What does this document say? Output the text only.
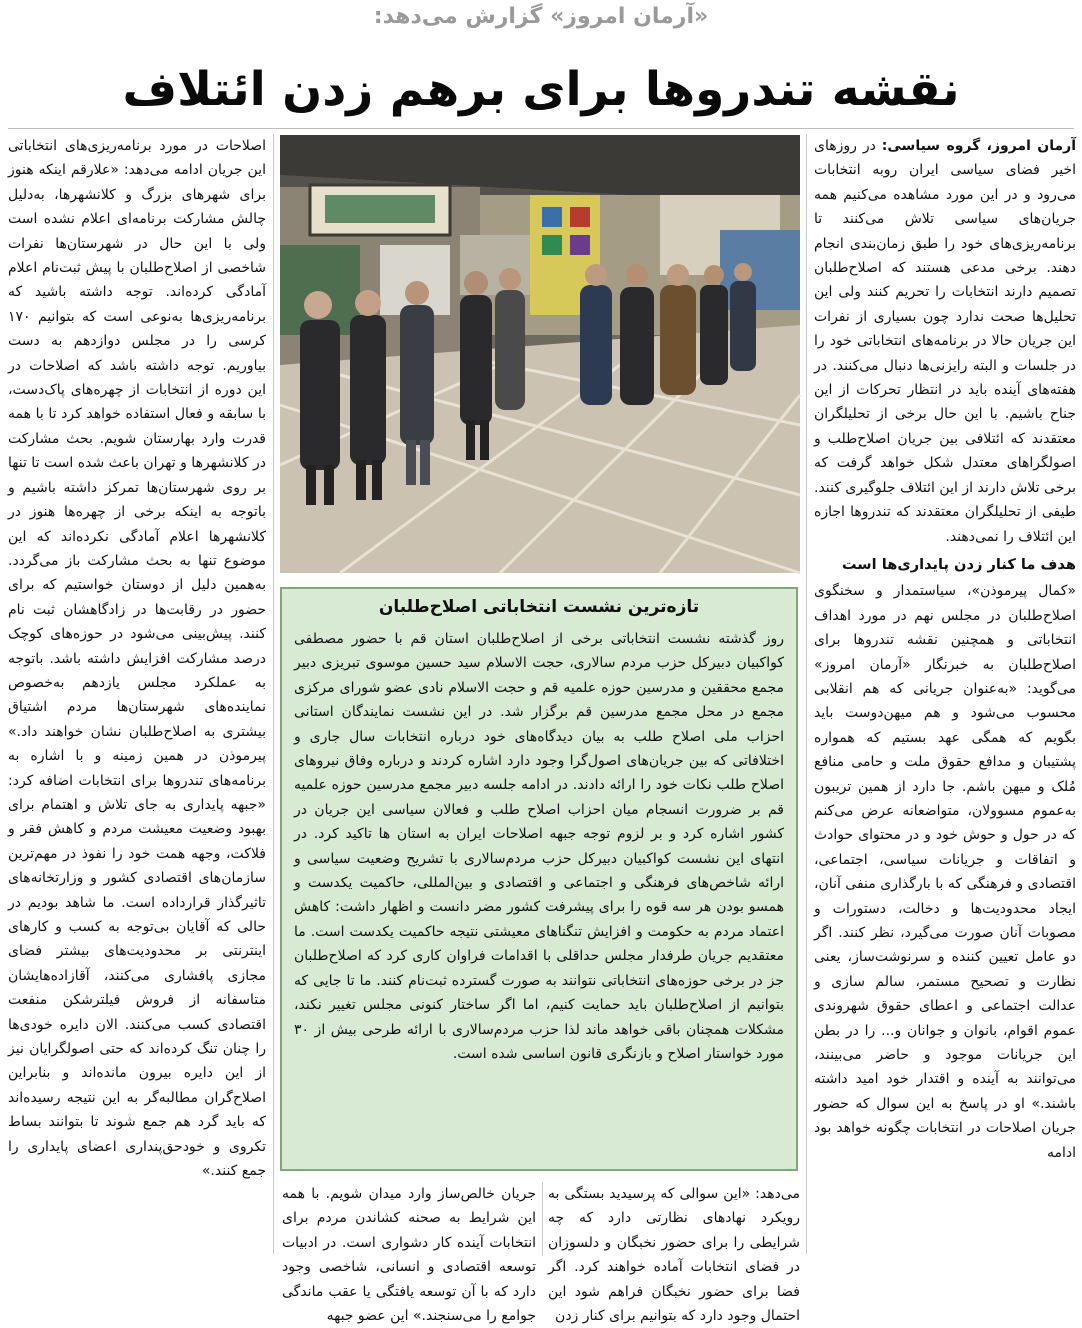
«آرمان امروز» گزارش می‌دهد:
نقشه تندروها برای برهم زدن ائتلاف

آرمان امروز، گروه سیاسی: در روزهای اخیر فضای سیاسی ایران روبه انتخابات می‌رود و در این مورد مشاهده می‌کنیم همه جریان‌های سیاسی تلاش می‌کنند تا برنامه‌ریزی‌های خود را طبق زمان‌بندی انجام دهند. برخی مدعی هستند که اصلاح‌طلبان تصمیم دارند انتخابات را تحریم کنند ولی این تحلیل‌ها صحت ندارد چون بسیاری از نفرات این جریان حالا در برنامه‌های انتخاباتی خود را در جلسات و البته رایزنی‌ها دنبال می‌کنند. در هفته‌های آینده باید در انتظار تحرکات از این جناح باشیم. با این حال برخی از تحلیلگران معتقدند که ائتلافی بین جریان اصلاح‌طلب و اصولگراهای معتدل شکل خواهد گرفت که برخی تلاش دارند از این ائتلاف جلوگیری کنند. طیفی از تحلیلگران معتقدند که تندروها اجازه این ائتلاف را نمی‌دهند.

هدف ما کنار زدن پایداری‌ها است

«کمال پیرموذن»، سیاستمدار و سخنگوی اصلاح‌طلبان در مجلس نهم در مورد اهداف انتخاباتی و همچنین نقشه تندروها برای اصلاح‌طلبان به خبرنگار «آرمان امروز» می‌گوید: «به‌عنوان جریانی که هم انقلابی محسوب می‌شود و هم میهن‌دوست باید بگویم که همگی عهد بستیم که همواره پشتیبان و مدافع حقوق ملت و حامی منافع مُلک و میهن باشم. جا دارد از همین تریبون به‌عموم مسوولان، متواضعانه عرض می‌کنم که در حول و حوش خود و در محتوای حوادث و اتفاقات و جریانات سیاسی، اجتماعی، اقتصادی و فرهنگی که با بارگذاری منفی آنان، ایجاد محدودیت‌ها و دخالت، دستورات و مصوبات آنان صورت می‌گیرد، نظر کنند. اگر دو عامل تعیین کننده و سرنوشت‌ساز، یعنی نظارت و تصحیح مستمر، سالم سازی و عدالت اجتماعی و اعطای حقوق شهروندی عموم اقوام، بانوان و جوانان و... را در بطن این جریانات موجود و حاضر می‌بینند، می‌توانند به آینده و اقتدار خود امید داشته باشند.» او در پاسخ به این سوال که حضور جریان اصلاحات در انتخابات چگونه خواهد بود ادامه

اصلاحات در مورد برنامه‌ریزی‌های انتخاباتی این جریان ادامه می‌دهد: «علارقم اینکه هنوز برای شهرهای بزرگ و کلانشهرها، به‌دلیل چالش مشارکت برنامه‌ای اعلام نشده است ولی با این حال در شهرستان‌ها نفرات شاخصی از اصلاح‌طلبان با پیش ثبت‌نام اعلام آمادگی کرده‌اند. توجه داشته باشید که برنامه‌ریزی‌ها به‌نوعی است که بتوانیم ۱۷۰ کرسی را در مجلس دوازدهم به دست بیاوریم. توجه داشته باشد که اصلاحات در این دوره از انتخابات از چهره‌های پاک‌دست، با سابقه و فعال استفاده خواهد کرد تا با همه قدرت وارد بهارستان شویم. بحث مشارکت در کلانشهرها و تهران باعث شده است تا تنها بر روی شهرستان‌ها تمرکز داشته باشیم و باتوجه به اینکه برخی از چهره‌ها هنوز در کلانشهرها اعلام آمادگی نکرده‌اند که این موضوع تنها به بحث مشارکت باز می‌گردد. به‌همین دلیل از دوستان خواستیم که برای حضور در رقابت‌ها در زادگاهشان ثبت نام کنند. پیش‌بینی می‌شود در حوزه‌های کوچک درصد مشارکت افزایش داشته باشد. باتوجه به عملکرد مجلس یازدهم به‌خصوص نماینده‌های شهرستان‌ها مردم اشتیاق بیشتری به اصلاح‌طلبان نشان خواهند داد.» پیرموذن در همین زمینه و با اشاره به برنامه‌های تندروها برای انتخابات اضافه کرد: «جبهه پایداری به جای تلاش و اهتمام برای بهبود وضعیت معیشت مردم و کاهش فقر و فلاکت، وجهه همت خود را نفوذ در مهم‌ترین سازمان‌های اقتصادی کشور و وزارتخانه‌های تاثیرگذار قرارداده است. ما شاهد بودیم در حالی که آقایان بی‌توجه به کسب و کارهای اینترنتی بر محدودیت‌های بیشتر فضای مجازی پافشاری می‌کنند، آقازاده‌هایشان متاسفانه از فروش فیلترشکن منفعت اقتصادی کسب می‌کنند. الان دایره خودی‌ها را چنان تنگ کرده‌اند که حتی اصولگرایان نیز از این دایره بیرون مانده‌اند و بنابراین اصلاح‌گران مطالبه‌گر به این نتیجه رسیده‌اند که باید گرد هم جمع شوند تا بتوانند بساط تکروی و خودحق‌پنداری اعضای پایداری را جمع کنند.»

تازه‌ترین نشست انتخاباتی اصلاح‌طلبان
روز گذشته نشست انتخاباتی برخی از اصلاح‌طلبان استان قم با حضور مصطفی کواکبیان دبیرکل حزب مردم سالاری، حجت الاسلام سید حسین موسوی تبریزی دبیر مجمع محققین و مدرسین حوزه علمیه قم و حجت الاسلام نادی عضو شورای مرکزی مجمع در محل مجمع مدرسین قم برگزار شد. در این نشست نمایندگان استانی احزاب ملی اصلاح طلب به بیان دیدگاه‌های خود درباره انتخابات سال جاری و اختلافاتی که بین جریان‌های اصول‌گرا وجود دارد اشاره کردند و درباره وفاق نیروهای اصلاح طلب نکات خود را ارائه دادند. در ادامه جلسه دبیر مجمع مدرسین حوزه علمیه قم بر ضرورت انسجام میان احزاب اصلاح طلب و فعالان سیاسی این جریان در کشور اشاره کرد و بر لزوم توجه جبهه اصلاحات ایران به استان ها تاکید کرد. در انتهای این نشست کواکبیان دبیرکل حزب مردم‌سالاری با تشریح وضعیت سیاسی و ارائه شاخص‌های فرهنگی و اجتماعی و اقتصادی و بین‌المللی، حاکمیت یکدست و همسو بودن هر سه قوه را برای پیشرفت کشور مضر دانست و اظهار داشت: کاهش اعتماد مردم به حکومت و افزایش تنگناهای معیشتی نتیجه حاکمیت یکدست است. ما معتقدیم جریان طرفدار مجلس حداقلی با اقدامات فراوان کاری کرد که اصلاح‌طلبان جز در برخی حوزه‌های انتخاباتی نتوانند به صورت گسترده ثبت‌نام کنند. ما تا جایی که بتوانیم از اصلاح‌طلبان باید حمایت کنیم، اما اگر ساختار کنونی مجلس تغییر نکند، مشکلات همچنان باقی خواهد ماند لذا حزب مردم‌سالاری با ارائه طرحی بیش از ۳۰ مورد خواستار اصلاح و بازنگری قانون اساسی شده است.

می‌دهد: «این سوالی که پرسیدید بستگی به رویکرد نهادهای نظارتی دارد که چه شرایطی را برای حضور نخبگان و دلسوزان در فضای انتخابات آماده خواهند کرد. اگر فضا برای حضور نخبگان فراهم شود این احتمال وجود دارد که بتوانیم برای کنار زدن

جریان خالص‌ساز وارد میدان شویم. با همه این شرایط به صحنه کشاندن مردم برای انتخابات آینده کار دشواری است. در ادبیات توسعه اقتصادی و انسانی، شاخصی وجود دارد که با آن توسعه یافتگی یا عقب ماندگی جوامع را می‌سنجند.» این عضو جبهه
